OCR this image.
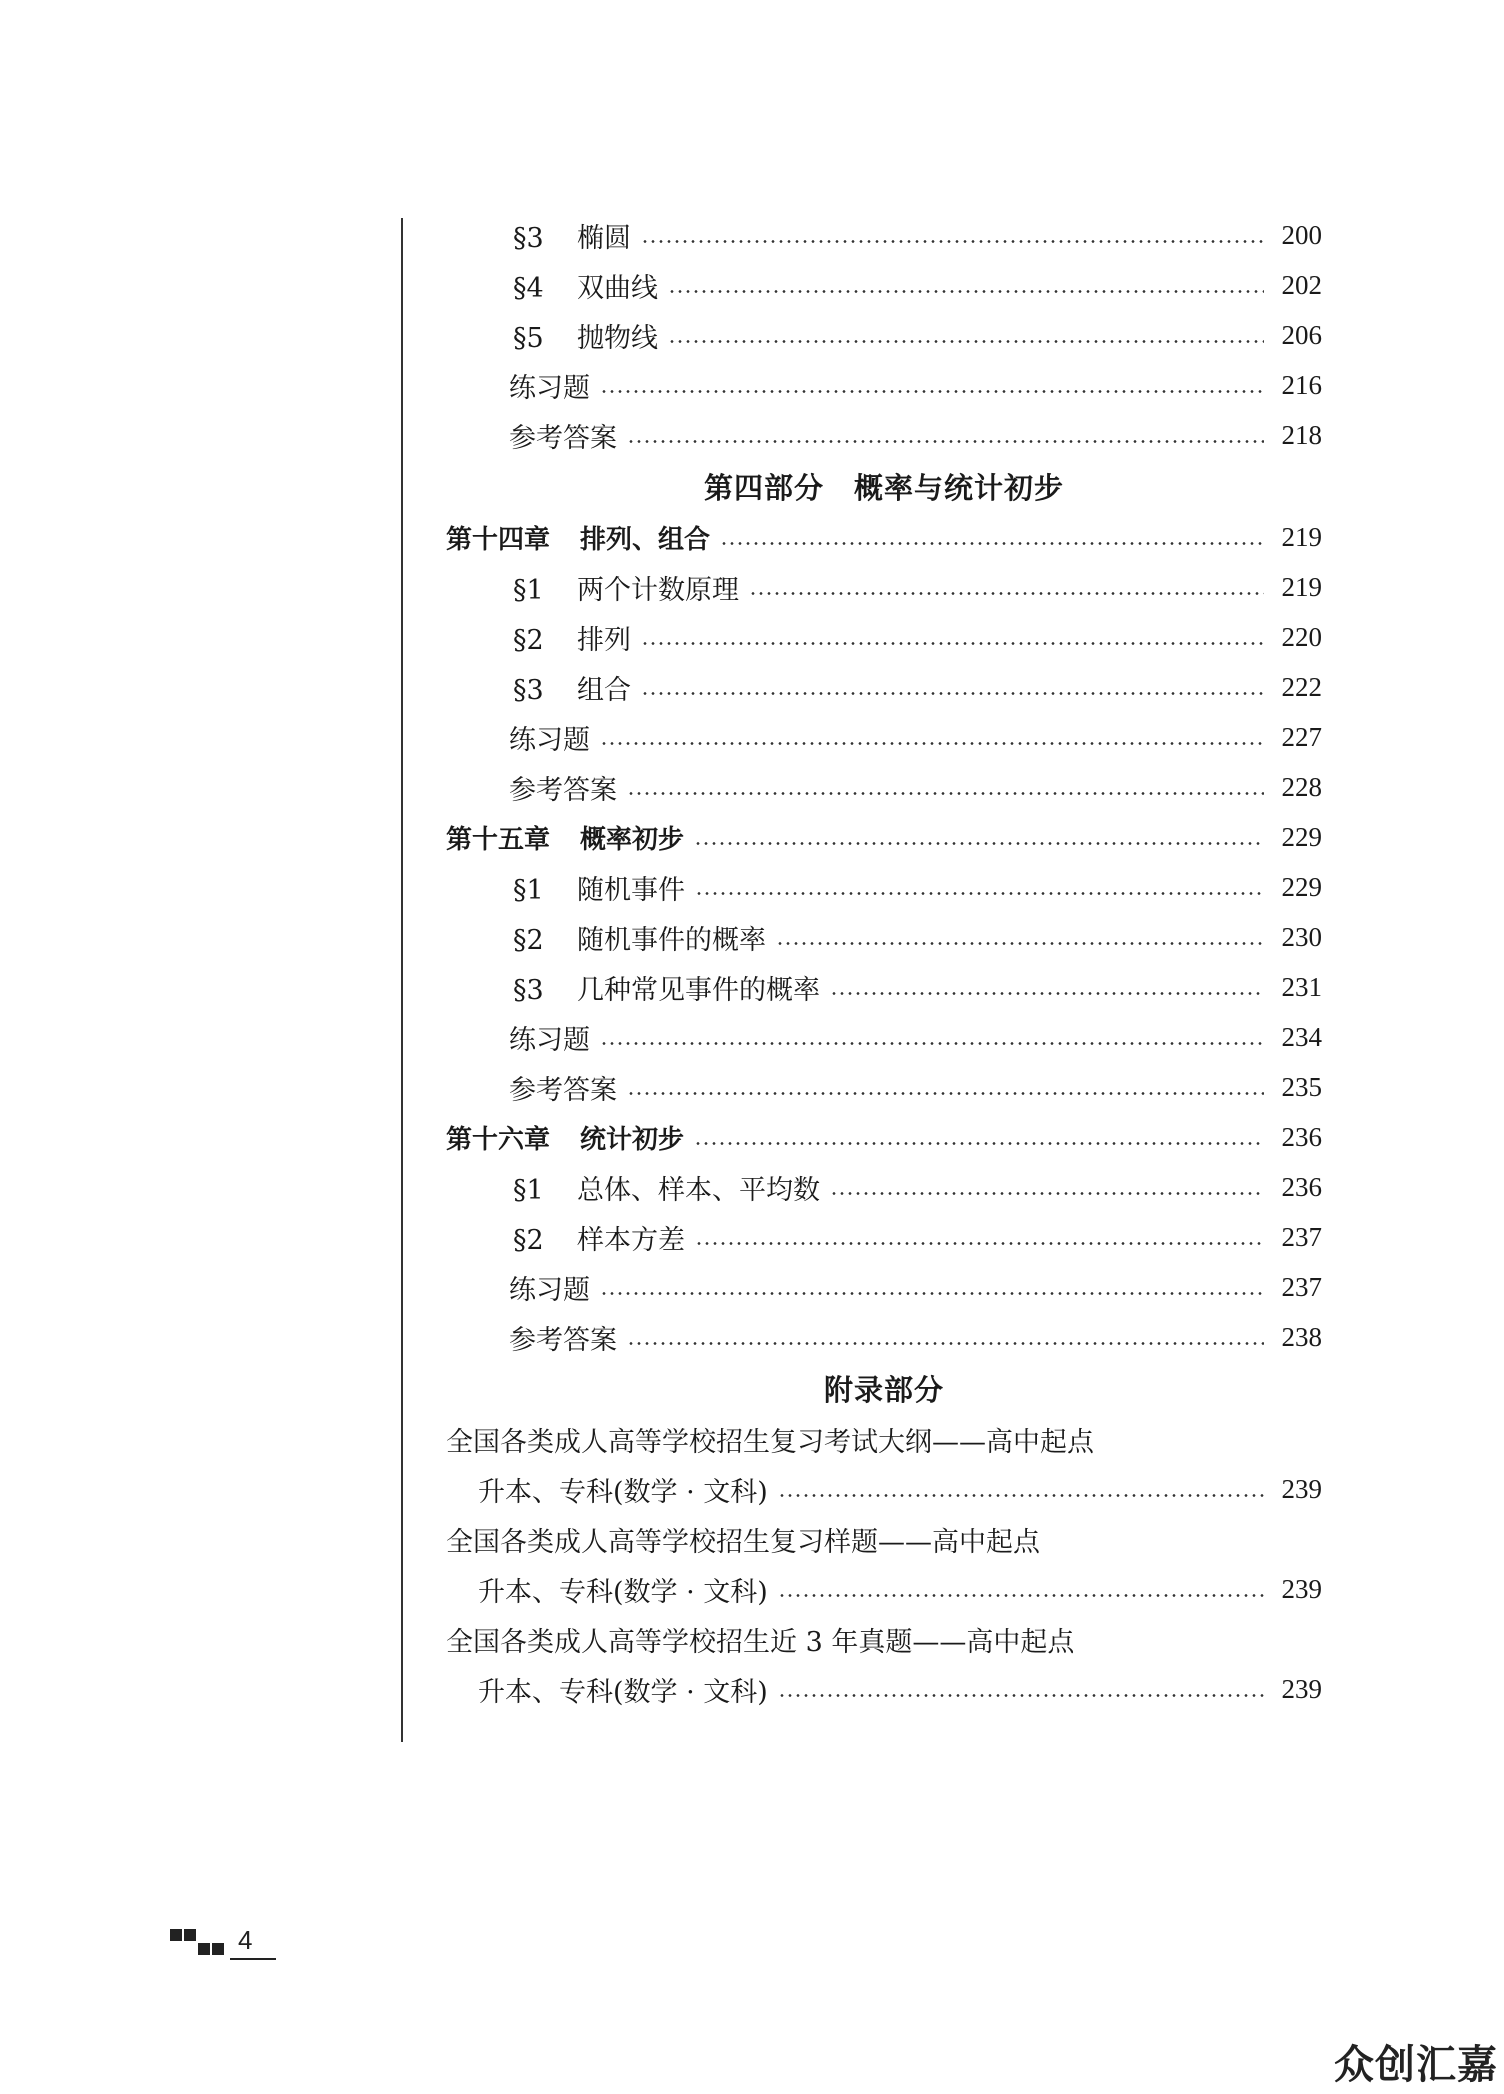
§3 椭圆	200
§4 双曲线	202
§5 抛物线	206
练习题	216
参考答案	218
第四部分　概率与统计初步
第十四章 排列、组合	219
§1 两个计数原理	219
§2 排列	220
§3 组合	222
练习题	227
参考答案	228
第十五章 概率初步	229
§1 随机事件	229
§2 随机事件的概率	230
§3 几种常见事件的概率	231
练习题	234
参考答案	235
第十六章 统计初步	236
§1 总体、样本、平均数	236
§2 样本方差	237
练习题	237
参考答案	238
附录部分
全国各类成人高等学校招生复习考试大纲——高中起点
升本、专科(数学 · 文科)	239
全国各类成人高等学校招生复习样题——高中起点
升本、专科(数学 · 文科)	239
全国各类成人高等学校招生近 3 年真题——高中起点
升本、专科(数学 · 文科)	239
4
众创汇嘉
